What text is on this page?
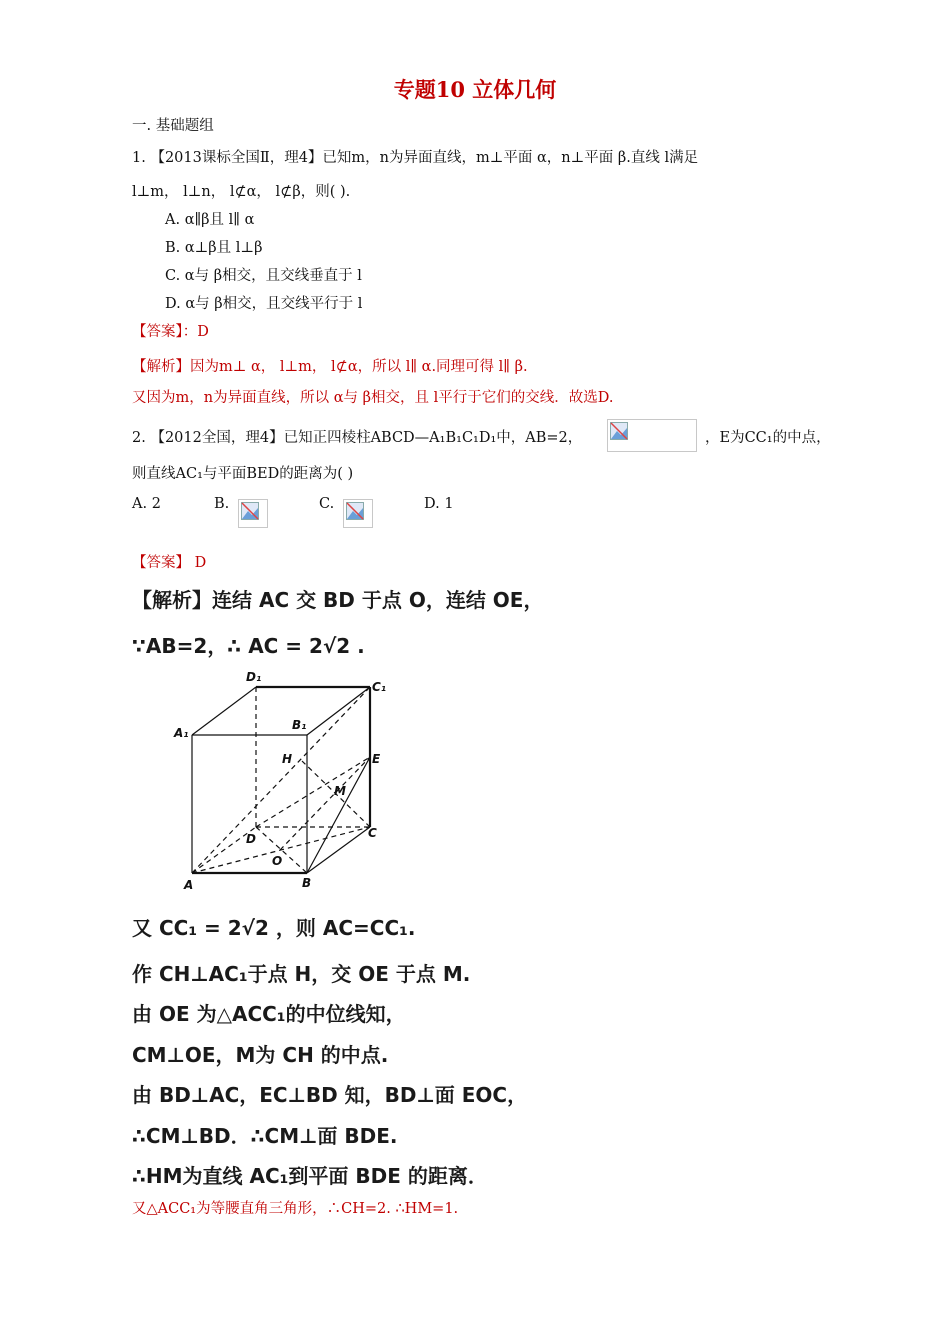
专题10 立体几何
一. 基础题组
1. 【2013课标全国Ⅱ，理4】已知m，n为异面直线，m⊥平面 α，n⊥平面 β.直线 l满足
l⊥m， l⊥n， l⊄α， l⊄β，则( ).
A. α∥β且 l∥ α
B. α⊥β且 l⊥β
C. α与 β相交，且交线垂直于 l
D. α与 β相交，且交线平行于 l
【答案】：D
【解析】因为m⊥ α， l⊥m， l⊄α，所以 l∥ α.同理可得 l∥ β.
又因为m，n为异面直线，所以 α与 β相交，且 l平行于它们的交线．故选D.
2. 【2012全国，理4】已知正四棱柱ABCD—A₁B₁C₁D₁中，AB=2，	，E为CC₁的中点，
则直线AC₁与平面BED的距离为( )
A. 2	B.	C.	D. 1
【答案】 D
【解析】连结 AC 交 BD 于点 O，连结 OE，
∵AB=2，∴ AC = 2√2 .
D₁
C₁
A₁
B₁
H	E
M
D	C
O
A	B
又 CC₁ = 2√2 ，则 AC=CC₁.
作 CH⊥AC₁于点 H，交 OE 于点 M.
由 OE 为△ACC₁的中位线知，
CM⊥OE，M为 CH 的中点.
由 BD⊥AC，EC⊥BD 知，BD⊥面 EOC，
∴CM⊥BD．∴CM⊥面 BDE.
∴HM为直线 AC₁到平面 BDE 的距离．
又△ACC₁为等腰直角三角形，∴CH=2. ∴HM=1.
